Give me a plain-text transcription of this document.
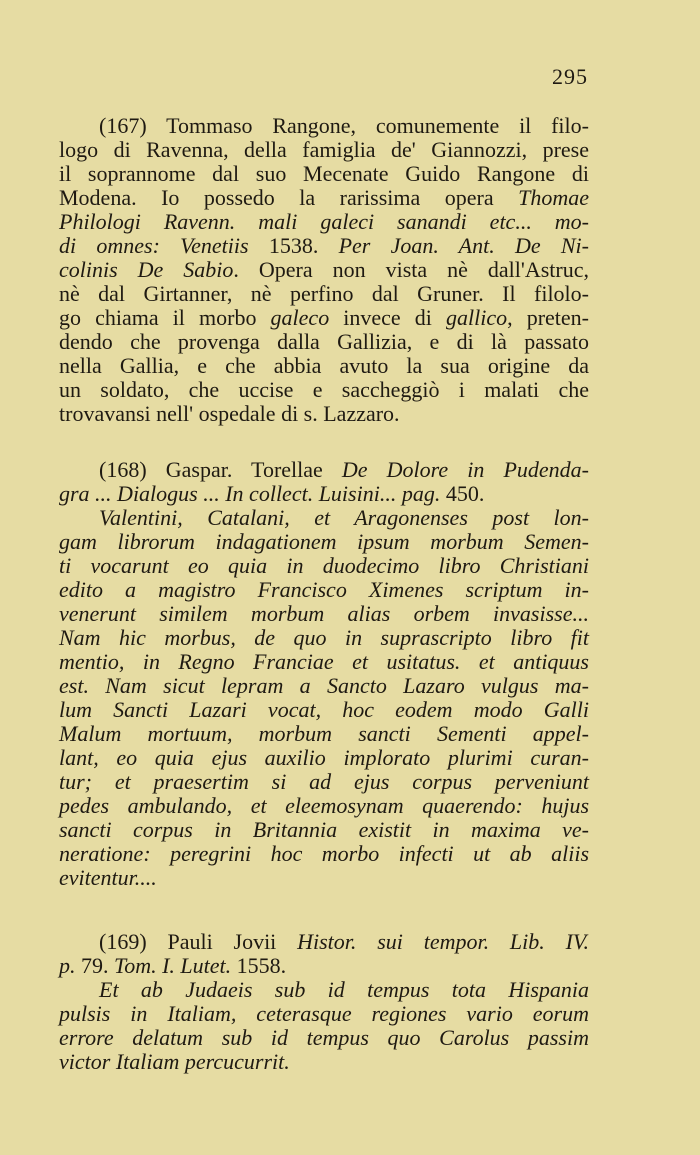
295
(167) Tommaso Rangone, comunemente il filo-
logo di Ravenna, della famiglia de' Giannozzi, prese
il soprannome dal suo Mecenate Guido Rangone di
Modena. Io possedo la rarissima opera Thomae
Philologi Ravenn. mali galeci sanandi etc... mo-
di omnes: Venetiis 1538. Per Joan. Ant. De Ni-
colinis De Sabio. Opera non vista nè dall'Astruc,
nè dal Girtanner, nè perfino dal Gruner. Il filolo-
go chiama il morbo galeco invece di gallico, preten-
dendo che provenga dalla Gallizia, e di là passato
nella Gallia, e che abbia avuto la sua origine da
un soldato, che uccise e saccheggiò i malati che
trovavansi nell' ospedale di s. Lazzaro.
(168) Gaspar. Torellae De Dolore in Pudenda-
gra ... Dialogus ... In collect. Luisini... pag. 450.
Valentini, Catalani, et Aragonenses post lon-
gam librorum indagationem ipsum morbum Semen-
ti vocarunt eo quia in duodecimo libro Christiani
edito a magistro Francisco Ximenes scriptum in-
venerunt similem morbum alias orbem invasisse...
Nam hic morbus, de quo in suprascripto libro fit
mentio, in Regno Franciae et usitatus. et antiquus
est. Nam sicut lepram a Sancto Lazaro vulgus ma-
lum Sancti Lazari vocat, hoc eodem modo Galli
Malum mortuum, morbum sancti Sementi appel-
lant, eo quia ejus auxilio implorato plurimi curan-
tur; et praesertim si ad ejus corpus perveniunt
pedes ambulando, et eleemosynam quaerendo: hujus
sancti corpus in Britannia existit in maxima ve-
neratione: peregrini hoc morbo infecti ut ab aliis
evitentur....
(169) Pauli Jovii Histor. sui tempor. Lib. IV.
p. 79. Tom. I. Lutet. 1558.
Et ab Judaeis sub id tempus tota Hispania
pulsis in Italiam, ceterasque regiones vario eorum
errore delatum sub id tempus quo Carolus passim
victor Italiam percucurrit.
